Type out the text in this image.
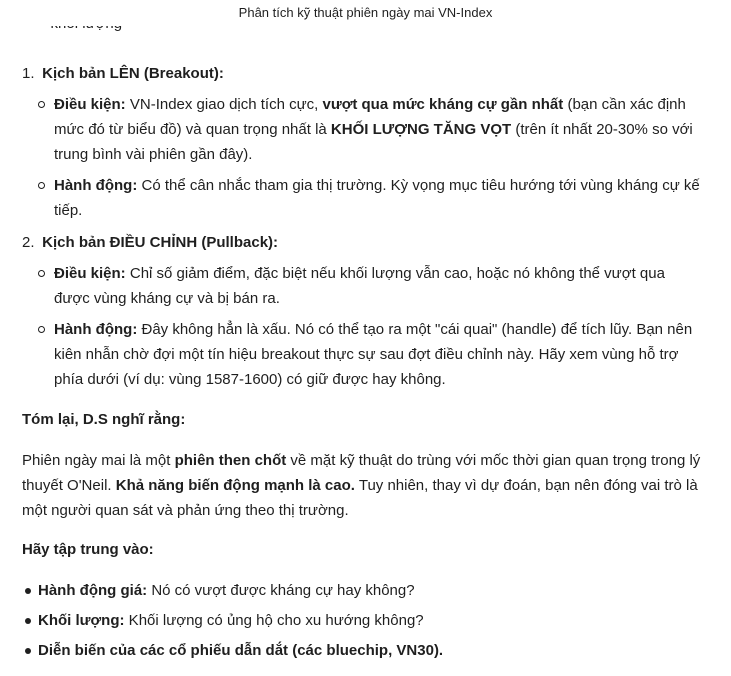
Phân tích kỹ thuật phiên ngày mai VN-Index
1. Kịch bản LÊN (Breakout):
Điều kiện: VN-Index giao dịch tích cực, vượt qua mức kháng cự gần nhất (bạn cần xác định mức đó từ biểu đồ) và quan trọng nhất là KHỐI LƯỢNG TĂNG VỌT (trên ít nhất 20-30% so với trung bình vài phiên gần đây).
Hành động: Có thể cân nhắc tham gia thị trường. Kỳ vọng mục tiêu hướng tới vùng kháng cự kế tiếp.
2. Kịch bản ĐIỀU CHỈNH (Pullback):
Điều kiện: Chỉ số giảm điểm, đặc biệt nếu khối lượng vẫn cao, hoặc nó không thể vượt qua được vùng kháng cự và bị bán ra.
Hành động: Đây không hẳn là xấu. Nó có thể tạo ra một "cái quai" (handle) để tích lũy. Bạn nên kiên nhẫn chờ đợi một tín hiệu breakout thực sự sau đợt điều chỉnh này. Hãy xem vùng hỗ trợ phía dưới (ví dụ: vùng 1587-1600) có giữ được hay không.
Tóm lại, D.S nghĩ rằng:
Phiên ngày mai là một phiên then chốt về mặt kỹ thuật do trùng với mốc thời gian quan trọng trong lý thuyết O'Neil. Khả năng biến động mạnh là cao. Tuy nhiên, thay vì dự đoán, bạn nên đóng vai trò là một người quan sát và phản ứng theo thị trường.
Hãy tập trung vào:
Hành động giá: Nó có vượt được kháng cự hay không?
Khối lượng: Khối lượng có ủng hộ cho xu hướng không?
Diễn biến của các cổ phiếu dẫn dắt (các bluechip, VN30).
